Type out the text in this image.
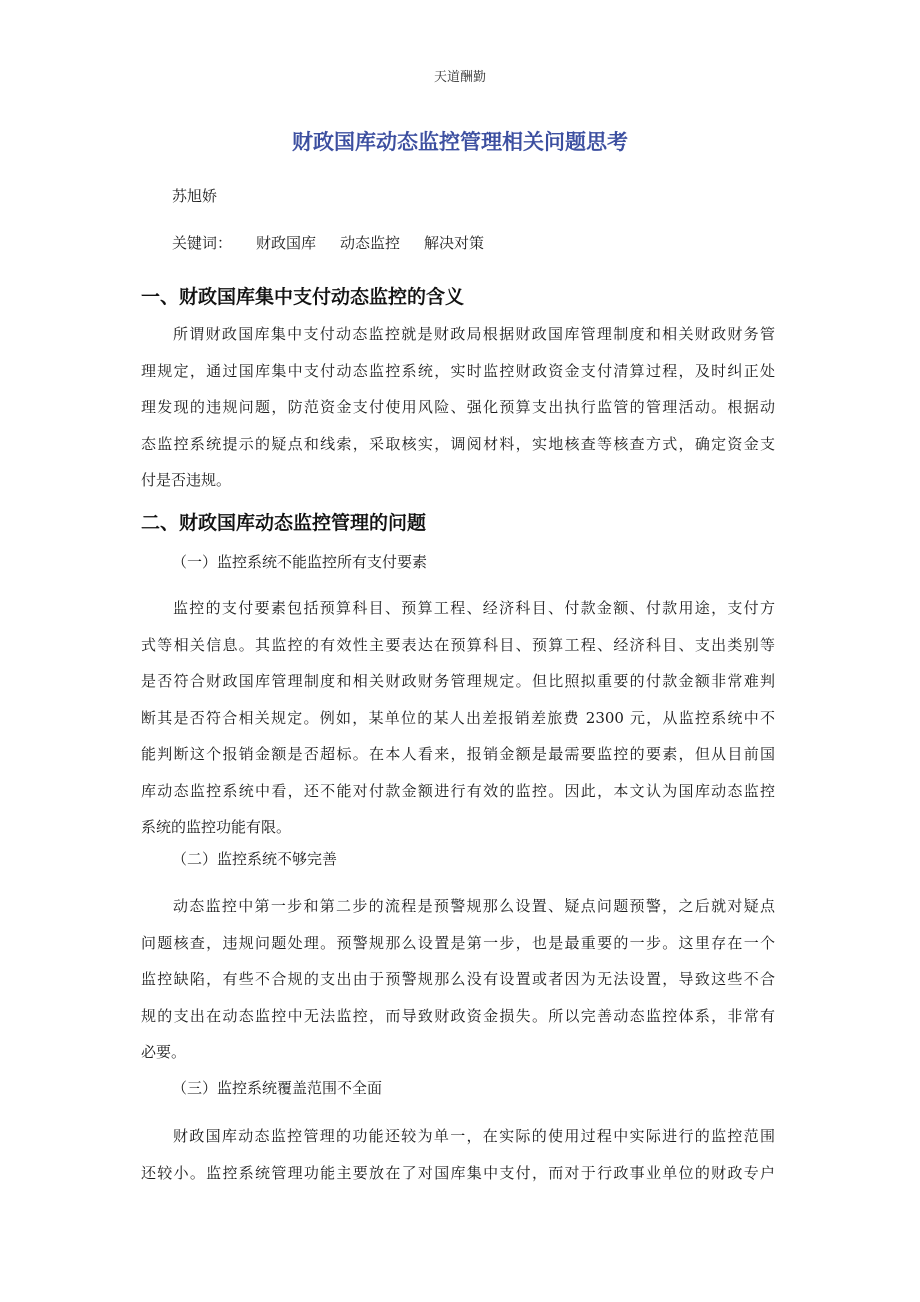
天道酬勤
财政国库动态监控管理相关问题思考
苏旭娇
关键词： 财政国库 动态监控 解决对策
一、财政国库集中支付动态监控的含义
所谓财政国库集中支付动态监控就是财政局根据财政国库管理制度和相关财政财务管
理规定，通过国库集中支付动态监控系统，实时监控财政资金支付清算过程，及时纠正处
理发现的违规问题，防范资金支付使用风险、强化预算支出执行监管的管理活动。根据动
态监控系统提示的疑点和线索，采取核实，调阅材料，实地核查等核查方式，确定资金支
付是否违规。
二、财政国库动态监控管理的问题
（一）监控系统不能监控所有支付要素
监控的支付要素包括预算科目、预算工程、经济科目、付款金额、付款用途，支付方
式等相关信息。其监控的有效性主要表达在预算科目、预算工程、经济科目、支出类别等
是否符合财政国库管理制度和相关财政财务管理规定。但比照拟重要的付款金额非常难判
断其是否符合相关规定。例如，某单位的某人出差报销差旅费 2300 元，从监控系统中不
能判断这个报销金额是否超标。在本人看来，报销金额是最需要监控的要素，但从目前国
库动态监控系统中看，还不能对付款金额进行有效的监控。因此，本文认为国库动态监控
系统的监控功能有限。
（二）监控系统不够完善
动态监控中第一步和第二步的流程是预警规那么设置、疑点问题预警，之后就对疑点
问题核查，违规问题处理。预警规那么设置是第一步，也是最重要的一步。这里存在一个
监控缺陷，有些不合规的支出由于预警规那么没有设置或者因为无法设置，导致这些不合
规的支出在动态监控中无法监控，而导致财政资金损失。所以完善动态监控体系，非常有
必要。
（三）监控系统覆盖范围不全面
财政国库动态监控管理的功能还较为单一，在实际的使用过程中实际进行的监控范围
还较小。监控系统管理功能主要放在了对国库集中支付，而对于行政事业单位的财政专户
